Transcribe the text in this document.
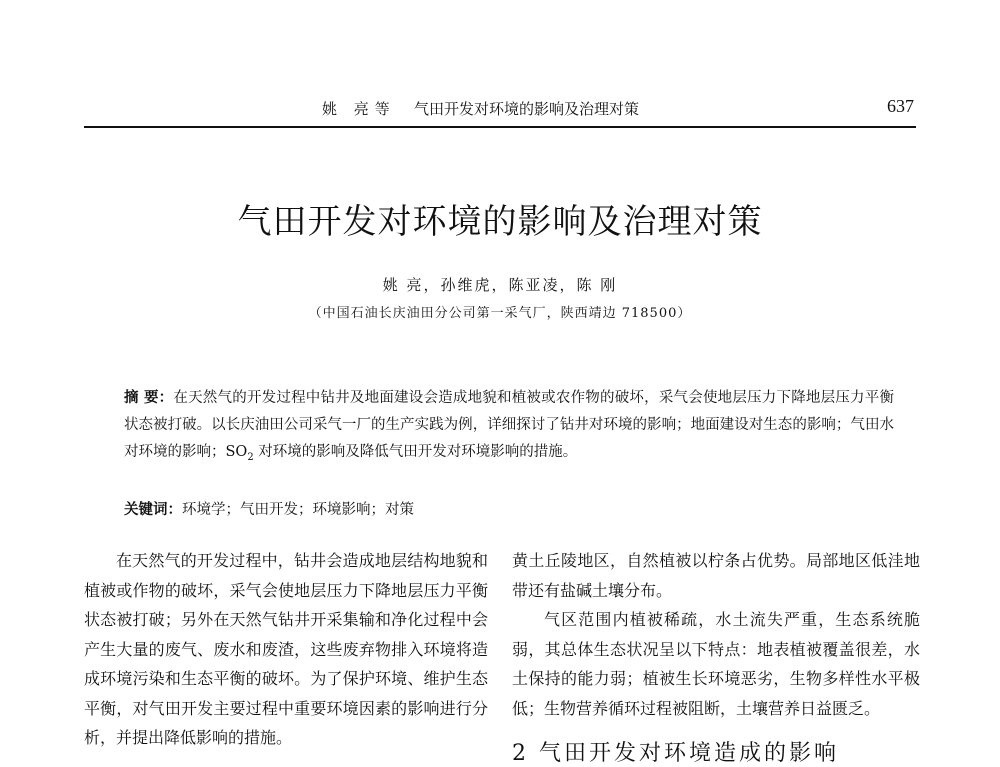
姚 亮等 气田开发对环境的影响及治理对策	637
气田开发对环境的影响及治理对策
姚 亮，孙维虎，陈亚凌，陈 刚
（中国石油长庆油田分公司第一采气厂，陕西靖边 718500）
摘 要：在天然气的开发过程中钻井及地面建设会造成地貌和植被或农作物的破坏，采气会使地层压力下降地层压力平衡状态被打破。以长庆油田公司采气一厂的生产实践为例，详细探讨了钻井对环境的影响；地面建设对生态的影响；气田水对环境的影响；$SO_2$ 对环境的影响及降低气田开发对环境影响的措施。
关键词：环境学；气田开发；环境影响；对策

在天然气的开发过程中，钻井会造成地层结构地貌和植被或作物的破坏，采气会使地层压力下降地层压力平衡状态被打破；另外在天然气钻井开采集输和净化过程中会产生大量的废气、废水和废渣，这些废弃物排入环境将造成环境污染和生态平衡的破坏。为了保护环境、维护生态平衡，对气田开发主要过程中重要环境因素的影响进行分析，并提出降低影响的措施。

黄土丘陵地区，自然植被以柠条占优势。局部地区低洼地带还有盐碱土壤分布。

气区范围内植被稀疏，水土流失严重，生态系统脆弱，其总体生态状况呈以下特点：地表植被覆盖很差，水土保持的能力弱；植被生长环境恶劣，生物多样性水平极低；生物营养循环过程被阻断，土壤营养日益匮乏。

2 气田开发对环境造成的影响
